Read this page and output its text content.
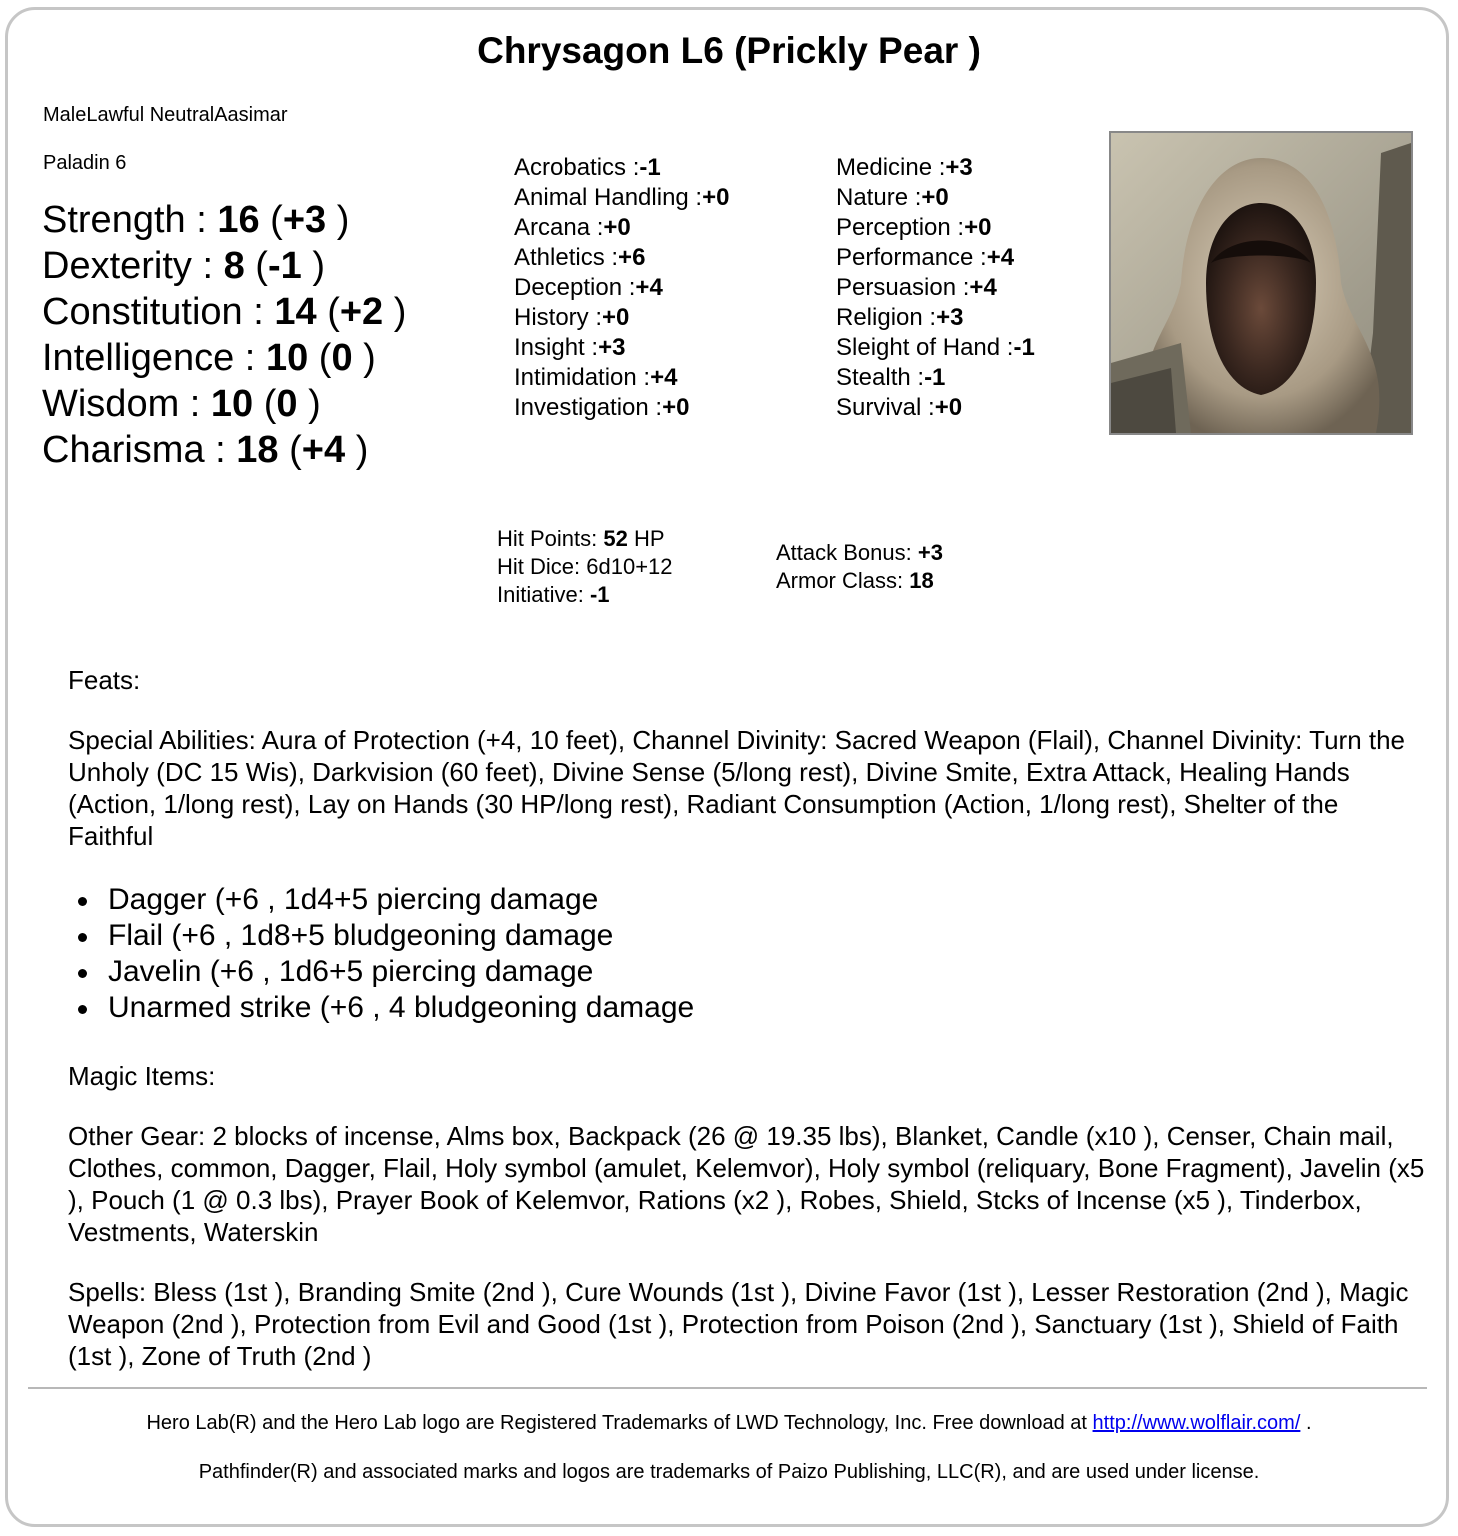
Chrysagon L6 (Prickly Pear )
MaleLawful NeutralAasimar
Paladin 6
Strength : 16 (+3 )
Dexterity : 8 (-1 )
Constitution : 14 (+2 )
Intelligence : 10 (0 )
Wisdom : 10 (0 )
Charisma : 18 (+4 )
Acrobatics :-1
Animal Handling :+0
Arcana :+0
Athletics :+6
Deception :+4
History :+0
Insight :+3
Intimidation :+4
Investigation :+0
Medicine :+3
Nature :+0
Perception :+0
Performance :+4
Persuasion :+4
Religion :+3
Sleight of Hand :-1
Stealth :-1
Survival :+0
Hit Points: 52 HP
Hit Dice: 6d10+12
Initiative: -1
Attack Bonus: +3
Armor Class: 18
Feats:
Special Abilities: Aura of Protection (+4, 10 feet), Channel Divinity: Sacred Weapon (Flail), Channel Divinity: Turn the Unholy (DC 15 Wis), Darkvision (60 feet), Divine Sense (5/long rest), Divine Smite, Extra Attack, Healing Hands (Action, 1/long rest), Lay on Hands (30 HP/long rest), Radiant Consumption (Action, 1/long rest), Shelter of the Faithful
Dagger (+6 , 1d4+5 piercing damage
Flail (+6 , 1d8+5 bludgeoning damage
Javelin (+6 , 1d6+5 piercing damage
Unarmed strike (+6 , 4 bludgeoning damage
Magic Items:
Other Gear: 2 blocks of incense, Alms box, Backpack (26 @ 19.35 lbs), Blanket, Candle (x10 ), Censer, Chain mail, Clothes, common, Dagger, Flail, Holy symbol (amulet, Kelemvor), Holy symbol (reliquary, Bone Fragment), Javelin (x5 ), Pouch (1 @ 0.3 lbs), Prayer Book of Kelemvor, Rations (x2 ), Robes, Shield, Stcks of Incense (x5 ), Tinderbox, Vestments, Waterskin
Spells: Bless (1st ), Branding Smite (2nd ), Cure Wounds (1st ), Divine Favor (1st ), Lesser Restoration (2nd ), Magic Weapon (2nd ), Protection from Evil and Good (1st ), Protection from Poison (2nd ), Sanctuary (1st ), Shield of Faith (1st ), Zone of Truth (2nd )
Hero Lab(R) and the Hero Lab logo are Registered Trademarks of LWD Technology, Inc. Free download at http://www.wolflair.com/ .
Pathfinder(R) and associated marks and logos are trademarks of Paizo Publishing, LLC(R), and are used under license.
